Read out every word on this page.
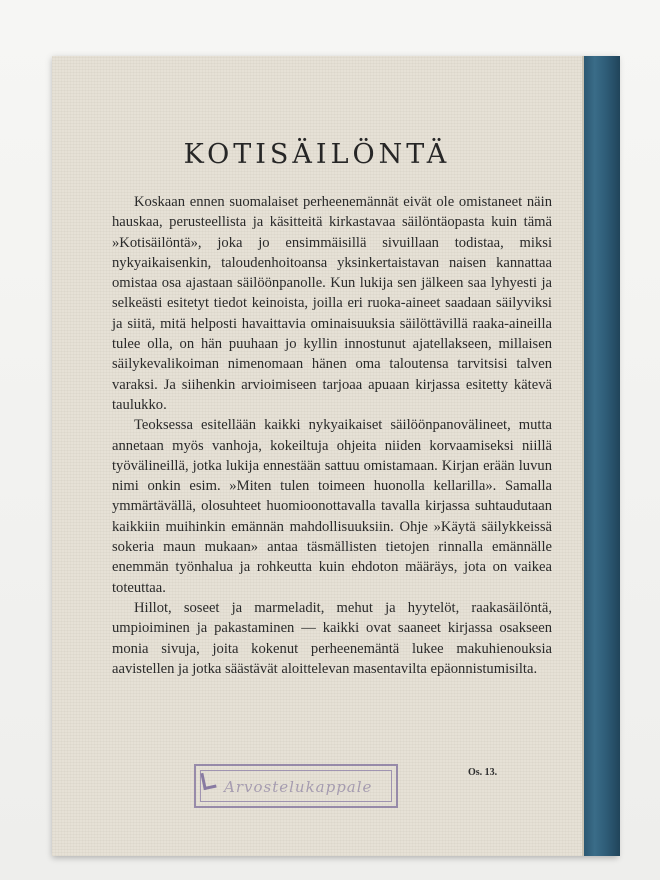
KOTISÄILÖNTÄ

Koskaan ennen suomalaiset perheenemännät eivät ole omistaneet näin hauskaa, perusteellista ja käsitteitä kirkastavaa säilöntäopasta kuin tämä »Kotisäilöntä», joka jo ensimmäisillä sivuillaan todistaa, miksi nykyaikaisenkin, taloudenhoitoansa yksinkertaistavan naisen kannattaa omistaa osa ajastaan säilöönpanolle. Kun lukija sen jälkeen saa lyhyesti ja selkeästi esitetyt tiedot keinoista, joilla eri ruoka-aineet saadaan säilyviksi ja siitä, mitä helposti havaittavia ominaisuuksia säilöttävillä raaka-aineilla tulee olla, on hän puuhaan jo kyllin innostunut ajatellakseen, millaisen säilykevalikoiman nimenomaan hänen oma taloutensa tarvitsisi talven varaksi. Ja siihenkin arvioimiseen tarjoaa apuaan kirjassa esitetty kätevä taulukko.

Teoksessa esitellään kaikki nykyaikaiset säilöönpanovälineet, mutta annetaan myös vanhoja, kokeiltuja ohjeita niiden korvaamiseksi niillä työvälineillä, jotka lukija ennestään sattuu omistamaan. Kirjan erään luvun nimi onkin esim. »Miten tulen toimeen huonolla kellarilla». Samalla ymmärtävällä, olosuhteet huomioonottavalla tavalla kirjassa suhtaudutaan kaikkiin muihinkin emännän mahdollisuuksiin. Ohje »Käytä säilykkeissä sokeria maun mukaan» antaa täsmällisten tietojen rinnalla emännälle enemmän työnhalua ja rohkeutta kuin ehdoton määräys, jota on vaikea toteuttaa.

Hillot, soseet ja marmeladit, mehut ja hyytelöt, raakasäilöntä, umpioiminen ja pakastaminen — kaikki ovat saaneet kirjassa osakseen monia sivuja, joita kokenut perheenemäntä lukee makuhienouksia aavistellen ja jotka säästävät aloittelevan masentavilta epäonnistumisilta.

Arvostelukappale
Os. 13.
